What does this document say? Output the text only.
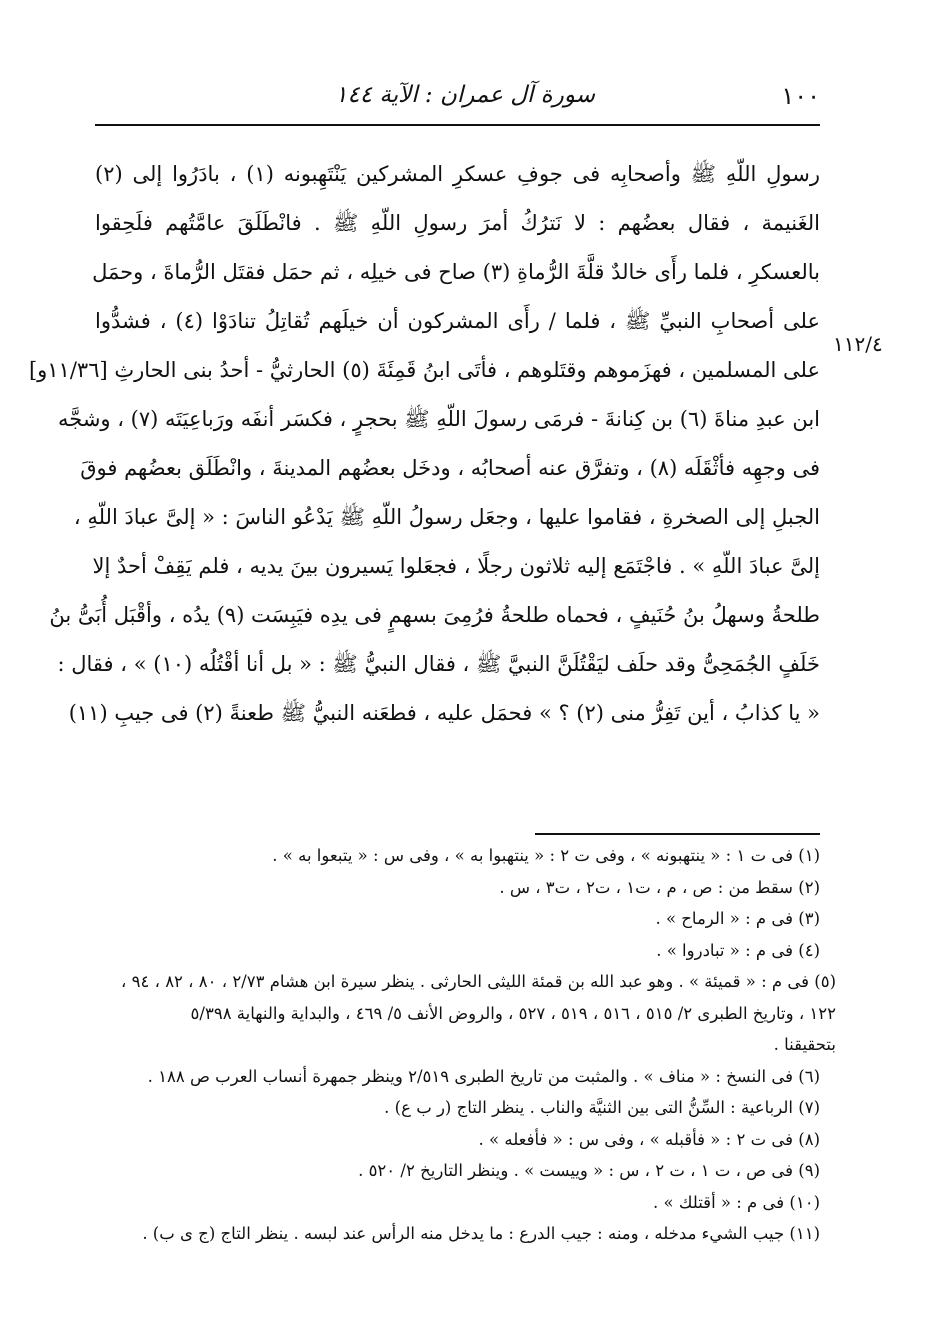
١٠٠
سورة آل عمران : الآية ١٤٤
١١٢/٤
رسولِ اللّهِ ﷺ وأصحابِه فى جوفِ عسكرِ المشركين يَنْتَهِبونه (١) ، بادَرُوا إلى (٢)
الغَنيمة ، فقال بعضُهم : لا نَترُكُ أمرَ رسولِ اللّهِ ﷺ . فانْطَلَقَ عامَّتُهم فلَحِقوا
بالعسكرِ ، فلما رأَى خالدٌ قلَّةَ الرُّماةِ (٣) صاح فى خيلِه ، ثم حمَل فقتَل الرُّماةَ ، وحمَل
على أصحابِ النبيِّ ﷺ ، فلما / رأَى المشركون أن خيلَهم تُقاتِلُ تنادَوْا (٤) ، فشدُّوا
على المسلمين ، فهزَموهم وقتَلوهم ، فأتَى ابنُ قَمِئَةَ (٥) الحارثيُّ - أحدُ بنى الحارثِ [١١/٣٦و]
ابن عبدِ مناةَ (٦) بن كِنانةَ - فرمَى رسولَ اللّهِ ﷺ بحجرٍ ، فكسَر أنفَه ورَباعِيَتَه (٧) ، وشجَّه
فى وجهِه فأثْقَلَه (٨) ، وتفرَّق عنه أصحابُه ، ودخَل بعضُهم المدينةَ ، وانْطَلَق بعضُهم فوقَ
الجبلِ إلى الصخرةِ ، فقاموا عليها ، وجعَل رسولُ اللّهِ ﷺ يَدْعُو الناسَ : « إلىَّ عبادَ اللّهِ ،
إلىَّ عبادَ اللّهِ » . فاجْتَمَع إليه ثلاثون رجلًا ، فجعَلوا يَسيرون بينَ يديه ، فلم يَقِفْ أحدٌ إلا
طلحةُ وسهلُ بنُ حُنَيفٍ ، فحماه طلحةُ فرُمِىَ بسهمٍ فى يدِه فيَبِسَت (٩) يدُه ، وأقْبَل أُبَىُّ بنُ
خَلَفٍ الجُمَحِىُّ وقد حلَف ليَقْتُلَنَّ النبيَّ ﷺ ، فقال النبيُّ ﷺ : « بل أنا أقْتُلُه (١٠) » ، فقال :
« يا كذابُ ، أين تَفِرُّ منى (٢) ؟ » فحمَل عليه ، فطعَنه النبيُّ ﷺ طعنةً (٢) فى جيبِ (١١)
(١) فى ت ١ : « ينتهبونه » ، وفى ت ٢ : « ينتهبوا به » ، وفى س : « يتبعوا به » .
(٢) سقط من : ص ، م ، ت١ ، ت٢ ، ت٣ ، س .
(٣) فى م : « الرماح » .
(٤) فى م : « تبادروا » .
(٥) فى م : « قميئة » . وهو عبد الله بن قمئة الليثى الحارثى . ينظر سيرة ابن هشام ٢/٧٣ ، ٨٠ ، ٨٢ ، ٩٤ ،
١٢٢ ، وتاريخ الطبرى ٢/ ٥١٥ ، ٥١٦ ، ٥١٩ ، ٥٢٧ ، والروض الأنف ٥/ ٤٦٩ ، والبداية والنهاية ٥/٣٩٨
بتحقيقنا .
(٦) فى النسخ : « مناف » . والمثبت من تاريخ الطبرى ٢/٥١٩ وينظر جمهرة أنساب العرب ص ١٨٨ .
(٧) الرباعية : السِّنُّ التى بين الثنيَّة والناب . ينظر التاج (ر ب ع) .
(٨) فى ت ٢ : « فأقبله » ، وفى س : « فأفعله » .
(٩) فى ص ، ت ١ ، ت ٢ ، س : « وييست » . وينظر التاريخ ٢/ ٥٢٠ .
(١٠) فى م : « أقتلك » .
(١١) جيب الشيء مدخله ، ومنه : جيب الدرع : ما يدخل منه الرأس عند لبسه . ينظر التاج (ج ى ب) .
